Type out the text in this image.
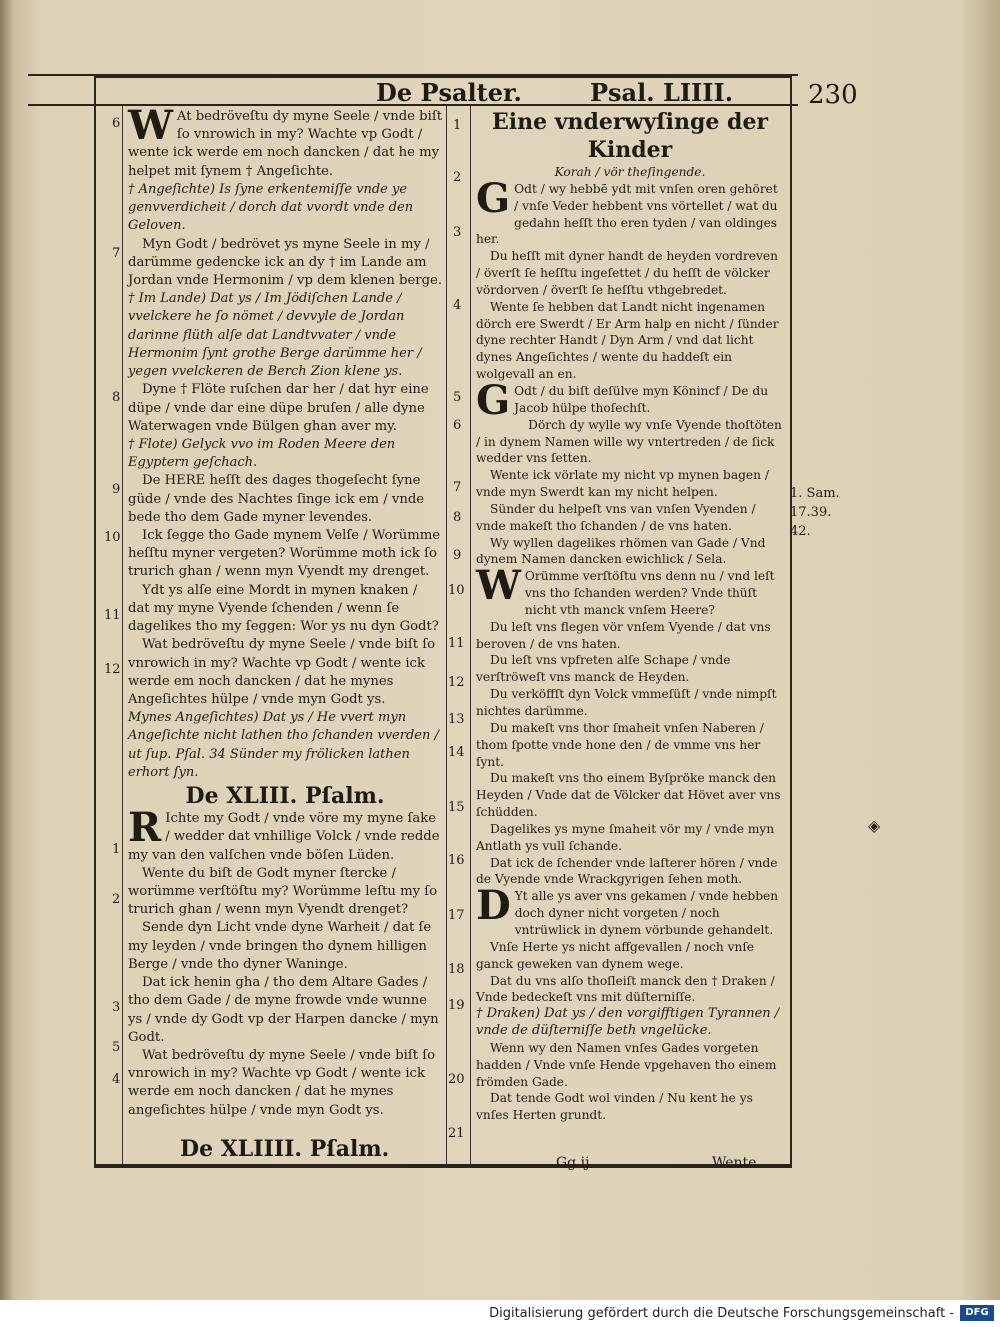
De Psalter.	Psal. LIIII.	230

W At bedröveſtu dy myne Seele / vnde biſt ſo vnrowich in my? Wachte vp Godt / wente ick werde em noch dancken / dat he my helpet mit ſynem † Angeſichte.

† Angeſichte) Is ſyne erkentemiſſe vnde ye genvverdicheit / dorch dat vvordt vnde den Geloven.

Myn Godt / bedrövet ys myne Seele in my / darümme gedencke ick an dy † im Lande am Jordan vnde Hermonim / vp dem klenen berge.

† Im Lande) Dat ys / Im Jödiſchen Lande / vvelckere he ſo nömet / devvyle de Jordan darinne flüth alſe dat Landtvvater / vnde Hermonim ſynt grothe Berge darümme her / yegen vvelckeren de Berch Zion klene ys.

Dyne † Flöte ruſchen dar her / dat hyr eine düpe / vnde dar eine düpe bruſen / alle dyne Waterwagen vnde Bülgen ghan aver my.

† Flote) Gelyck vvo im Roden Meere den Egyptern geſchach.

De HERE heſſt des dages thogeſecht ſyne güde / vnde des Nachtes ſinge ick em / vnde bede tho dem Gade myner levendes.

Ick ſegge tho Gade mynem Velſe / Worümme heſſtu myner vergeten? Worümme moth ick ſo trurich ghan / wenn myn Vyendt my drenget.

Ydt ys alſe eine Mordt in mynen knaken / dat my myne Vyende ſchenden / wenn ſe dagelikes tho my ſeggen: Wor ys nu dyn Godt?

Wat bedröveſtu dy myne Seele / vnde biſt ſo vnrowich in my? Wachte vp Godt / wente ick werde em noch dancken / dat he mynes Angeſichtes hülpe / vnde myn Godt ys.

Mynes Angeſichtes) Dat ys / He vvert myn Angeſichte nicht lathen tho ſchanden vverden / ut ſup. Pſal. 34 Sünder my frölicken lathen erhort ſyn.

De XLIII. Pſalm.

R Ichte my Godt / vnde vöre my myne ſake / wedder dat vnhillige Volck / vnde redde my van den valſchen vnde böſen Lüden.

Wente du biſt de Godt myner ſtercke / worümme verſtöſtu my? Worümme leſtu my ſo trurich ghan / wenn myn Vyendt drenget?

Sende dyn Licht vnde dyne Warheit / dat ſe my leyden / vnde bringen tho dynem hilligen Berge / vnde tho dyner Waninge.

Dat ick henin gha / tho dem Altare Gades / tho dem Gade / de myne frowde vnde wunne ys / vnde dy Godt vp der Harpen dancke / myn Godt.

Wat bedröveſtu dy myne Seele / vnde biſt ſo vnrowich in my? Wachte vp Godt / wente ick werde em noch dancken / dat he mynes angeſichtes hülpe / vnde myn Godt ys.

6
7
8
9
10
11
12
1
2
3
4
5
De XLIIII. Pſalm.
1
2
3
4
5
6
7
8
9
10
11
12
13
14
15
16
17
18
19
20
21

Eine vnderwyſinge der Kinder

Korah / vör theſingende.

G Odt / wy hebbē ydt mit vnſen oren gehöret / vnſe Veder hebbent vns vörtellet / wat du gedahn heſſt tho eren tyden / van oldinges her.

Du heſſt mit dyner handt de heyden vordreven / överſt ſe heſſtu ingeſettet / du heſſt de völcker vördorven / överſt ſe heſſtu vthgebredet.

Wente ſe hebben dat Landt nicht ingenamen dörch ere Swerdt / Er Arm halp en nicht / ſünder dyne rechter Handt / Dyn Arm / vnd dat licht dynes Angeſichtes / wente du haddeſt ein wolgevall an en.

G Odt / du biſt deſülve myn Könincf / De du Jacob hülpe thoſechſt.

Dörch dy wylle wy vnſe Vyende thoſtöten / in dynem Namen wille wy vntertreden / de ſick wedder vns ſetten.

Wente ick vörlate my nicht vp mynen bagen / vnde myn Swerdt kan my nicht helpen.

Sünder du helpeſt vns van vnſen Vyenden / vnde makeſt tho ſchanden / de vns haten.

Wy wyllen dagelikes rhömen van Gade / Vnd dynem Namen dancken ewichlick / Sela.

W Orümme verſtöſtu vns denn nu / vnd leſt vns tho ſchanden werden? Vnde thüſt nicht vth manck vnſem Heere?

Du leſt vns flegen vör vnſem Vyende / dat vns beroven / de vns haten.

Du leſt vns vpfreten alſe Schape / vnde verſtröweſt vns manck de Heyden.

Du verköffſt dyn Volck vmmeſüſt / vnde nimpſt nichtes darümme.

Du makeſt vns thor ſmaheit vnſen Naberen / thom ſpotte vnde hone den / de vmme vns her ſynt.

Du makeſt vns tho einem Byſpröke manck den Heyden / Vnde dat de Völcker dat Hövet aver vns ſchüdden.

Dagelikes ys myne ſmaheit vör my / vnde myn Antlath ys vull ſchande.

Dat ick de ſchender vnde laſterer hören / vnde de Vyende vnde Wrackgyrigen ſehen moth.

D Yt alle ys aver vns gekamen / vnde hebben doch dyner nicht vorgeten / noch vntrüwlick in dynem vörbunde gehandelt.

Vnſe Herte ys nicht affgevallen / noch vnſe ganck geweken van dynem wege.

Dat du vns alſo thoſleiſt manck den † Draken / Vnde bedeckeſt vns mit düſterniſſe.

† Draken) Dat ys / den vorgifftigen Tyrannen / vnde de düſterniſſe beth vngelücke.

Wenn wy den Namen vnſes Gades vorgeten hadden / Vnde vnſe Hende vpgehaven tho einem frömden Gade.

Dat tende Godt wol vinden / Nu kent he ys vnſes Herten grundt.

1. Sam.
17.39.
42.
Gg ij	Wente
◈
Digitalisierung gefördert durch die Deutsche Forschungsgemeinschaft -	DFG
